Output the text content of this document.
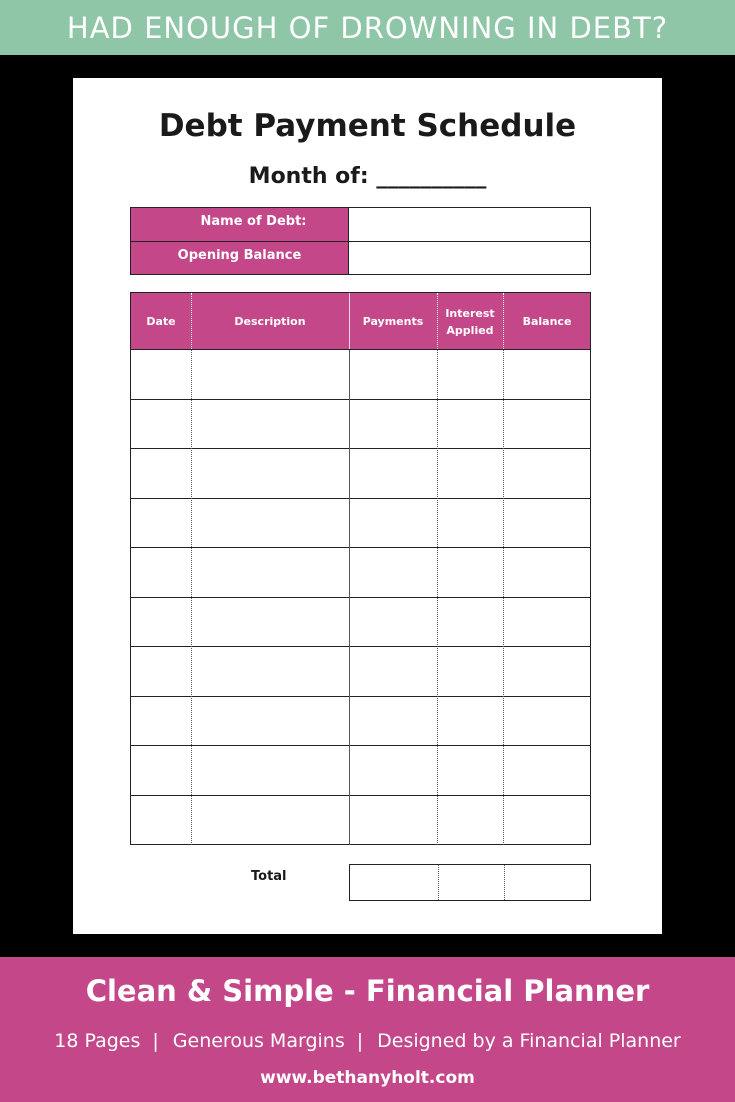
HAD ENOUGH OF DROWNING IN DEBT?
Debt Payment Schedule
Month of: __________
Name of Debt:
Opening Balance
Date	Description	Payments
Interest Applied
Balance
Total
Clean & Simple - Financial Planner
18 Pages | Generous Margins | Designed by a Financial Planner
www.bethanyholt.com
